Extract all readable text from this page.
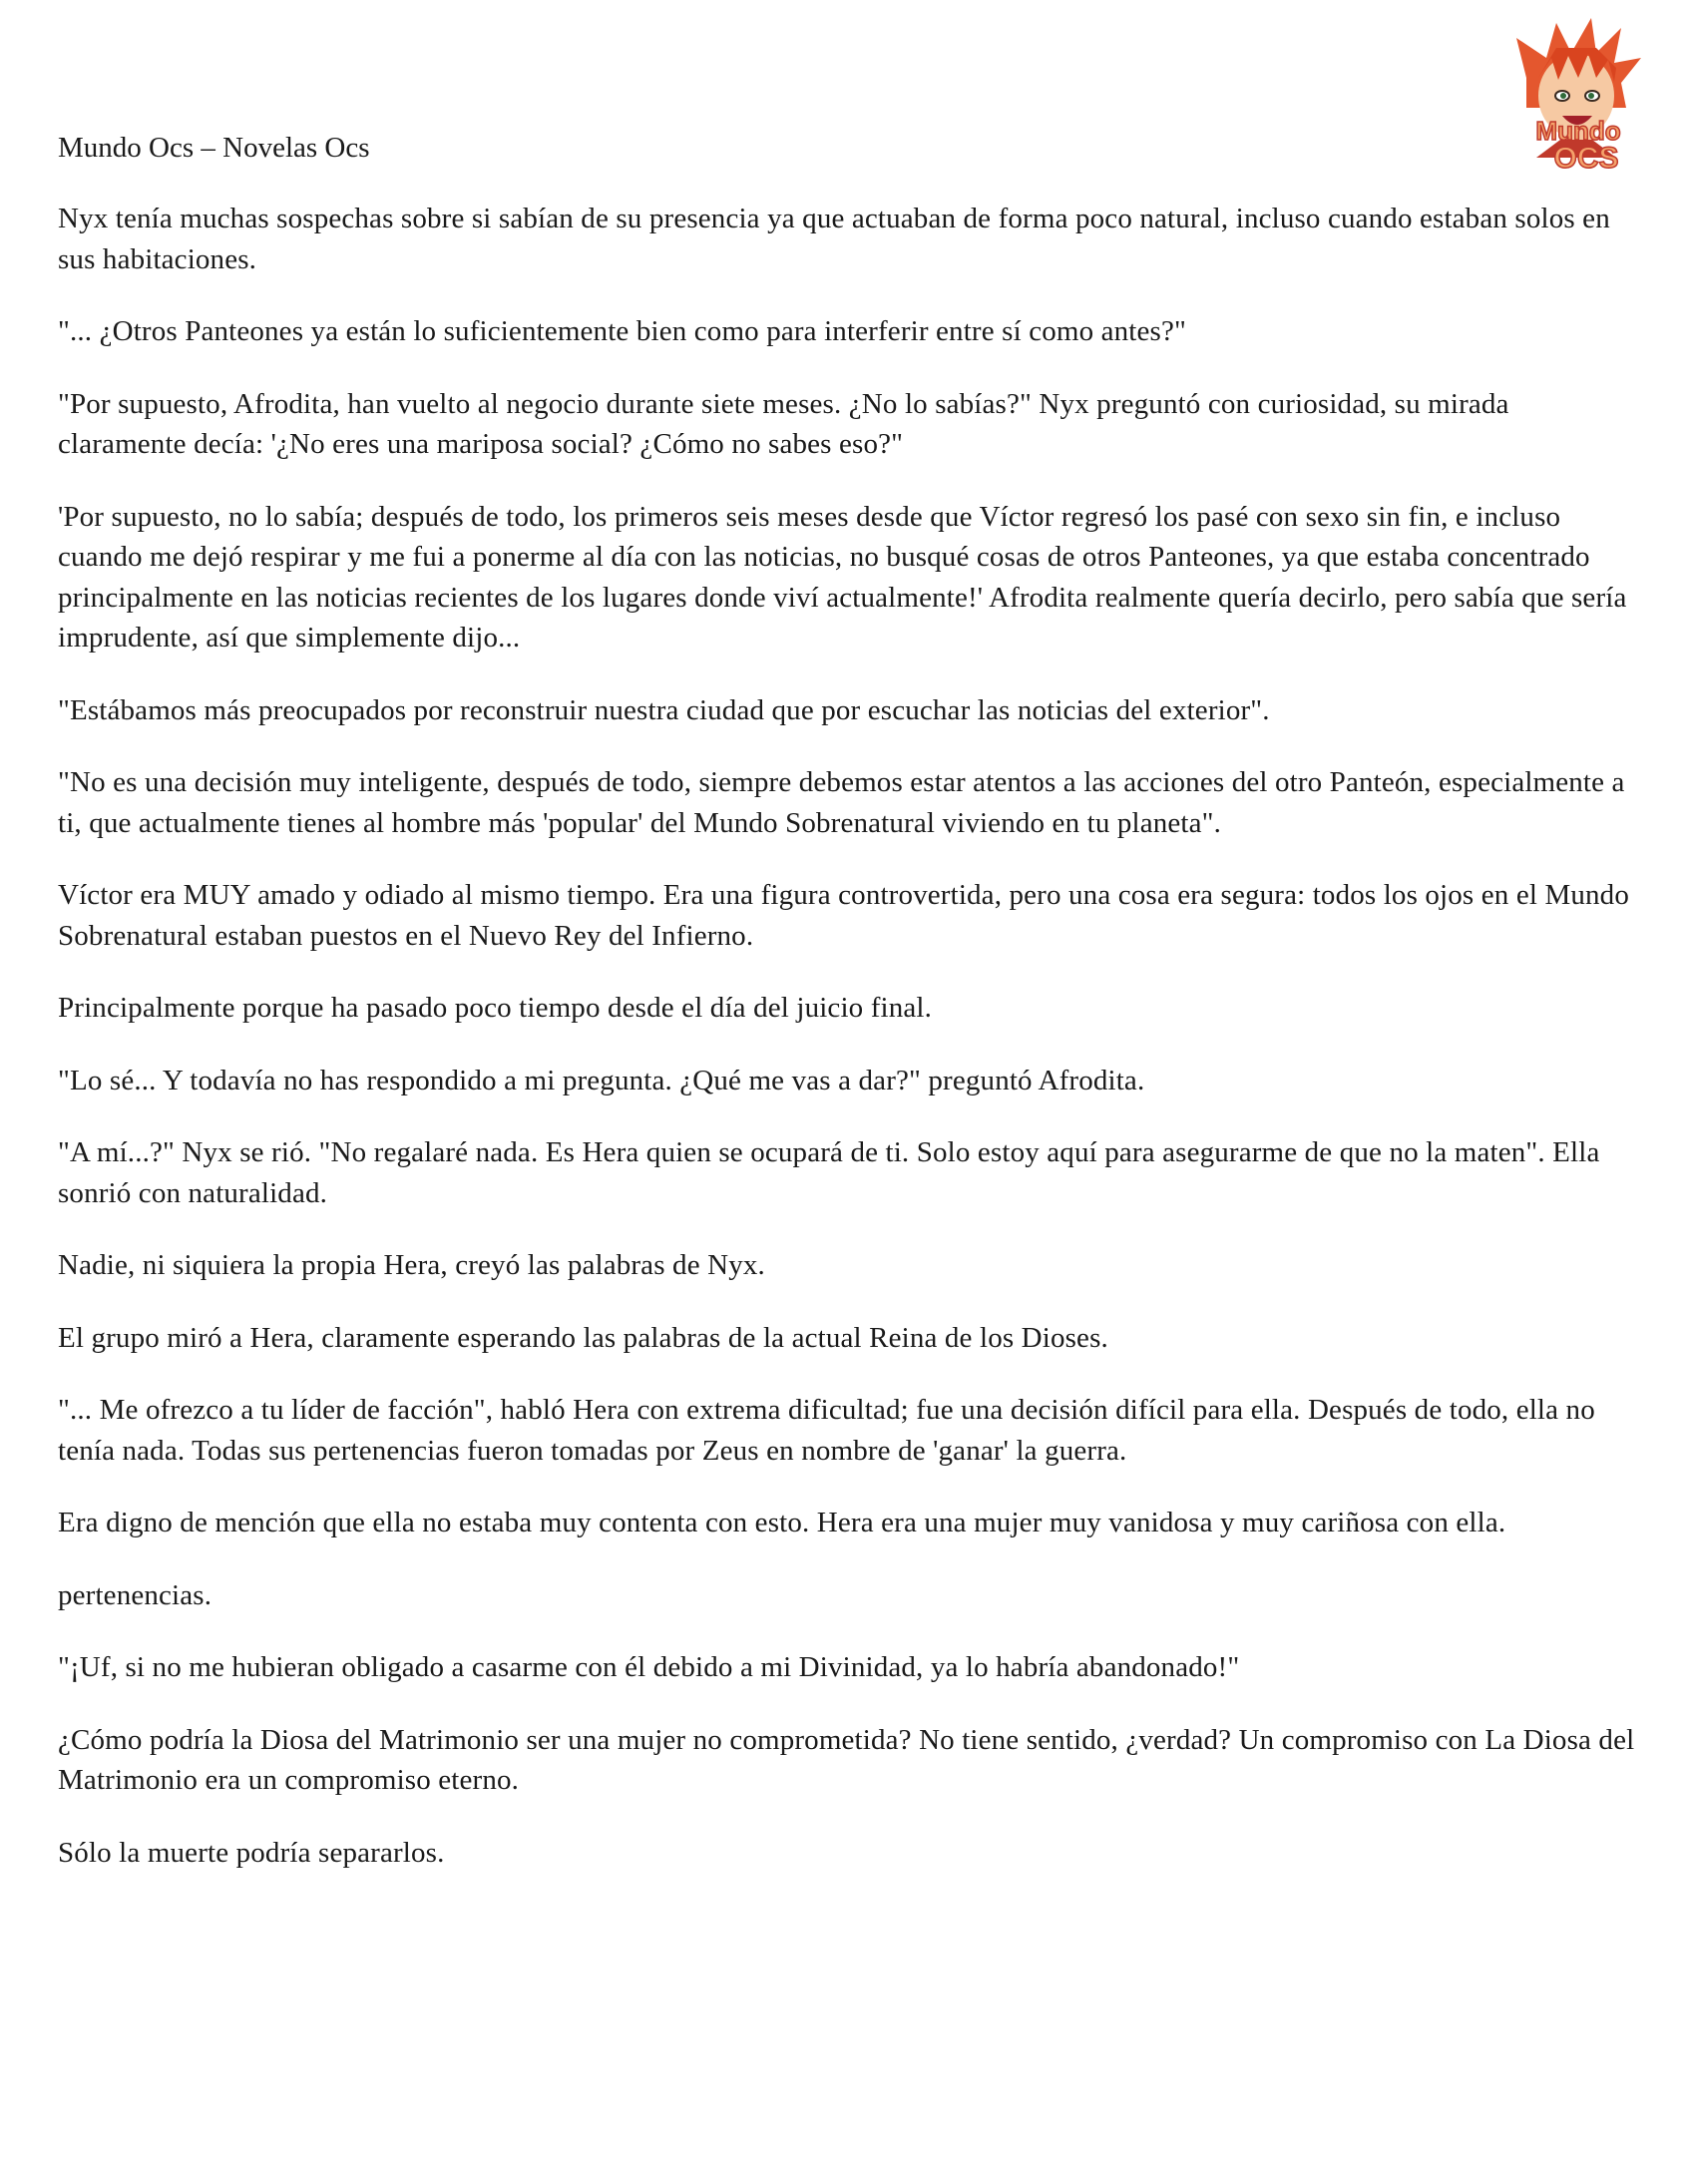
Mundo
OCS

Mundo Ocs – Novelas Ocs

Nyx tenía muchas sospechas sobre si sabían de su presencia ya que actuaban de forma poco natural, incluso cuando estaban solos en sus habitaciones.

"... ¿Otros Panteones ya están lo suficientemente bien como para interferir entre sí como antes?"

"Por supuesto, Afrodita, han vuelto al negocio durante siete meses. ¿No lo sabías?" Nyx preguntó con curiosidad, su mirada claramente decía: '¿No eres una mariposa social? ¿Cómo no sabes eso?"

'Por supuesto, no lo sabía; después de todo, los primeros seis meses desde que Víctor regresó los pasé con sexo sin fin, e incluso cuando me dejó respirar y me fui a ponerme al día con las noticias, no busqué cosas de otros Panteones, ya que estaba concentrado principalmente en las noticias recientes de los lugares donde viví actualmente!' Afrodita realmente quería decirlo, pero sabía que sería imprudente, así que simplemente dijo...

"Estábamos más preocupados por reconstruir nuestra ciudad que por escuchar las noticias del exterior".

"No es una decisión muy inteligente, después de todo, siempre debemos estar atentos a las acciones del otro Panteón, especialmente a ti, que actualmente tienes al hombre más 'popular' del Mundo Sobrenatural viviendo en tu planeta".

Víctor era MUY amado y odiado al mismo tiempo. Era una figura controvertida, pero una cosa era segura: todos los ojos en el Mundo Sobrenatural estaban puestos en el Nuevo Rey del Infierno.

Principalmente porque ha pasado poco tiempo desde el día del juicio final.

"Lo sé... Y todavía no has respondido a mi pregunta. ¿Qué me vas a dar?" preguntó Afrodita.

"A mí...?" Nyx se rió. "No regalaré nada. Es Hera quien se ocupará de ti. Solo estoy aquí para asegurarme de que no la maten". Ella sonrió con naturalidad.

Nadie, ni siquiera la propia Hera, creyó las palabras de Nyx.

El grupo miró a Hera, claramente esperando las palabras de la actual Reina de los Dioses.

"... Me ofrezco a tu líder de facción", habló Hera con extrema dificultad; fue una decisión difícil para ella. Después de todo, ella no tenía nada. Todas sus pertenencias fueron tomadas por Zeus en nombre de 'ganar' la guerra.

Era digno de mención que ella no estaba muy contenta con esto. Hera era una mujer muy vanidosa y muy cariñosa con ella.

pertenencias.

"¡Uf, si no me hubieran obligado a casarme con él debido a mi Divinidad, ya lo habría abandonado!"

¿Cómo podría la Diosa del Matrimonio ser una mujer no comprometida? No tiene sentido, ¿verdad? Un compromiso con La Diosa del Matrimonio era un compromiso eterno.

Sólo la muerte podría separarlos.
